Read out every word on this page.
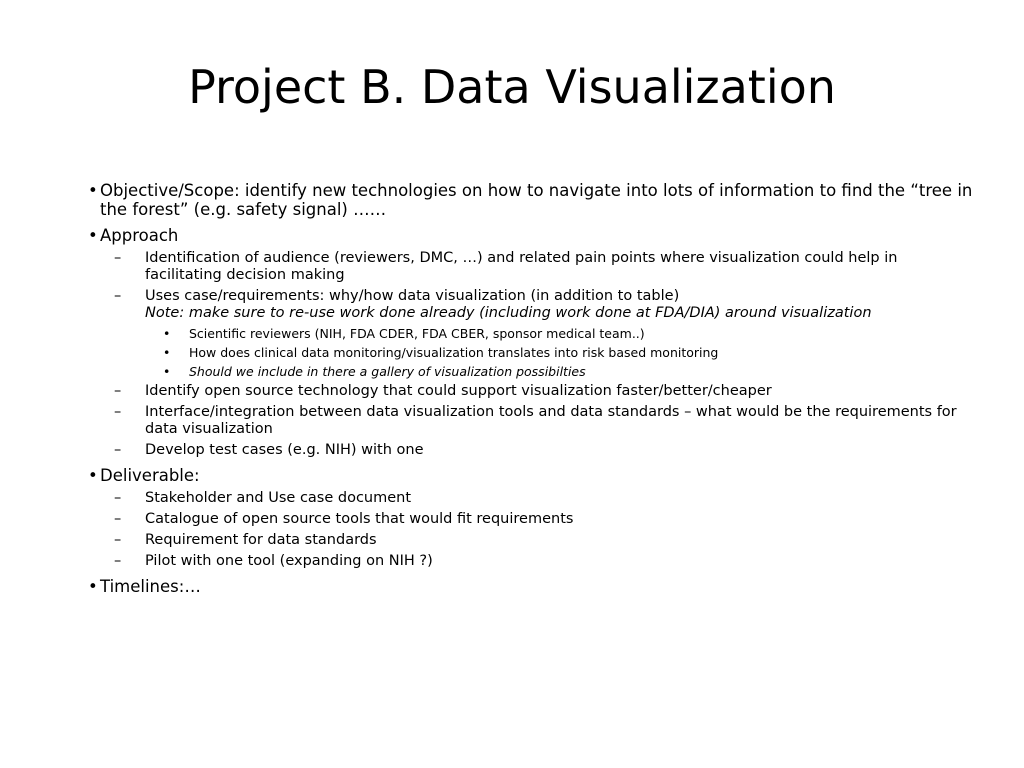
Project B. Data Visualization
• Objective/Scope: identify new technologies on how to navigate into lots of information to find the “tree in the forest” (e.g. safety signal) ……
• Approach
– Identification of audience (reviewers, DMC, …) and related pain points where visualization could help in facilitating decision making
– Uses case/requirements: why/how data visualization (in addition to table)
Note: make sure to re-use work done already (including work done at FDA/DIA) around visualization
• Scientific reviewers (NIH, FDA CDER, FDA CBER, sponsor medical team..)
• How does clinical data monitoring/visualization translates into risk based monitoring
• Should we include in there a gallery of visualization possibilties
– Identify open source technology that could support visualization faster/better/cheaper
– Interface/integration between data visualization tools and data standards – what would be the requirements for data visualization
– Develop test cases (e.g. NIH) with one
• Deliverable:
– Stakeholder and Use case document
– Catalogue of open source tools that would fit requirements
– Requirement for data standards
– Pilot with one tool (expanding on NIH ?)
• Timelines:…
